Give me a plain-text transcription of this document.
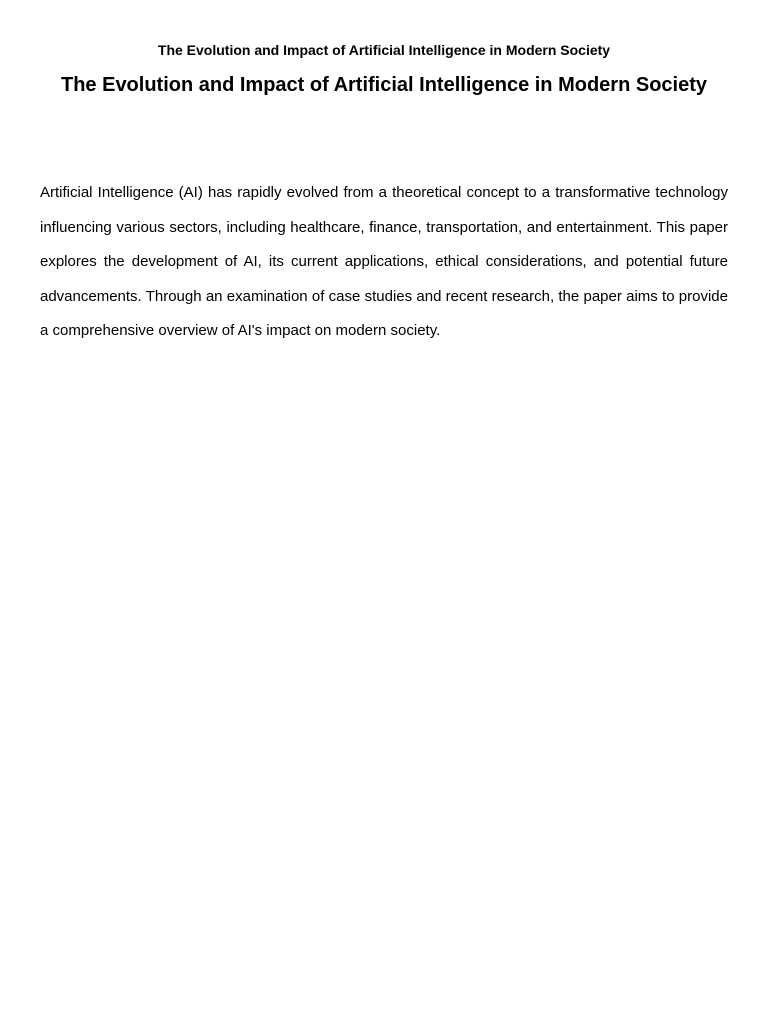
The Evolution and Impact of Artificial Intelligence in Modern Society

The Evolution and Impact of Artificial Intelligence in Modern Society

Artificial Intelligence (AI) has rapidly evolved from a theoretical concept to a transformative technology influencing various sectors, including healthcare, finance, transportation, and entertainment. This paper explores the development of AI, its current applications, ethical considerations, and potential future advancements. Through an examination of case studies and recent research, the paper aims to provide a comprehensive overview of AI's impact on modern society.
